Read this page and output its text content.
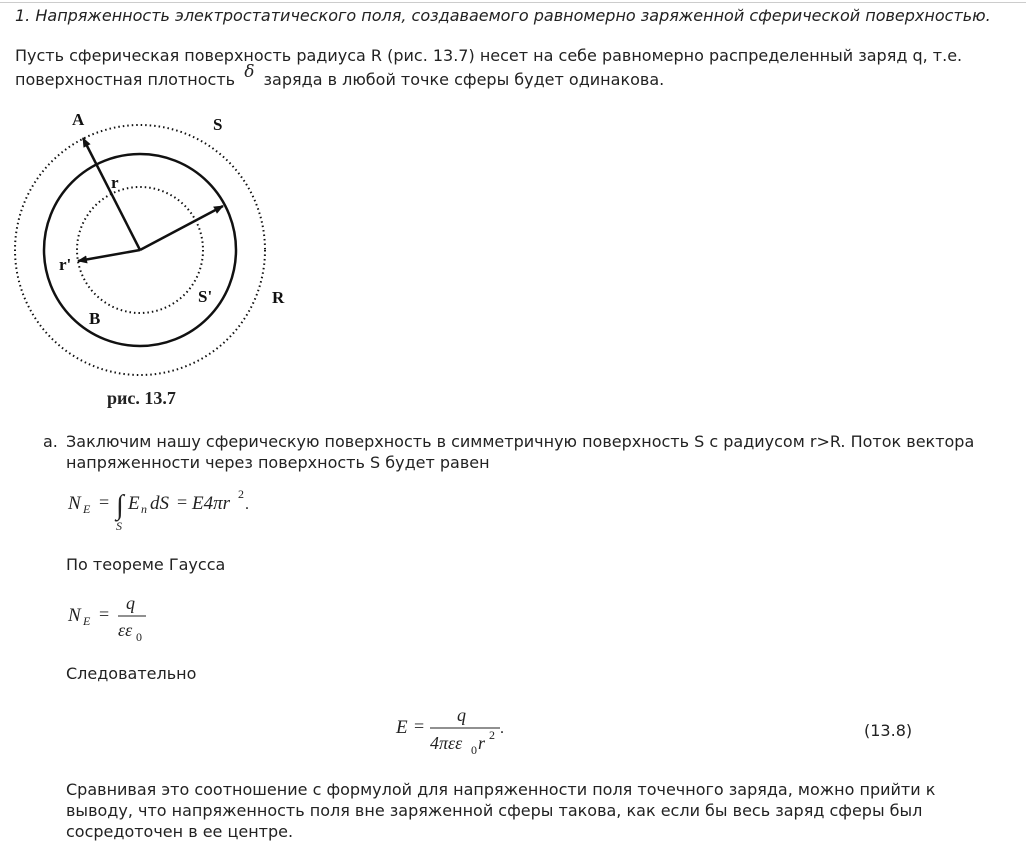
1. Напряженность электростатического поля, создаваемого равномерно заряженной сферической поверхностью.
Пусть сферическая поверхность радиуса R (рис. 13.7) несет на себе равномерно распределенный заряд q, т.е. поверхностная плотность δ заряда в любой точке сферы будет одинакова.
A	S
r
r'
S'	R
B
рис. 13.7
a. Заключим нашу сферическую поверхность в симметричную поверхность S с радиусом r>R. Поток вектора напряженности через поверхность S будет равен
N E = ∫
S
E n dS = E4πr 2
.
По теореме Гаусса
N E =
q
εε 0
Следовательно
E =
q
4πεε 0 r 2 .	(13.8)
Сравнивая это соотношение с формулой для напряженности поля точечного заряда, можно прийти к выводу, что напряженность поля вне заряженной сферы такова, как если бы весь заряд сферы был сосредоточен в ее центре.
